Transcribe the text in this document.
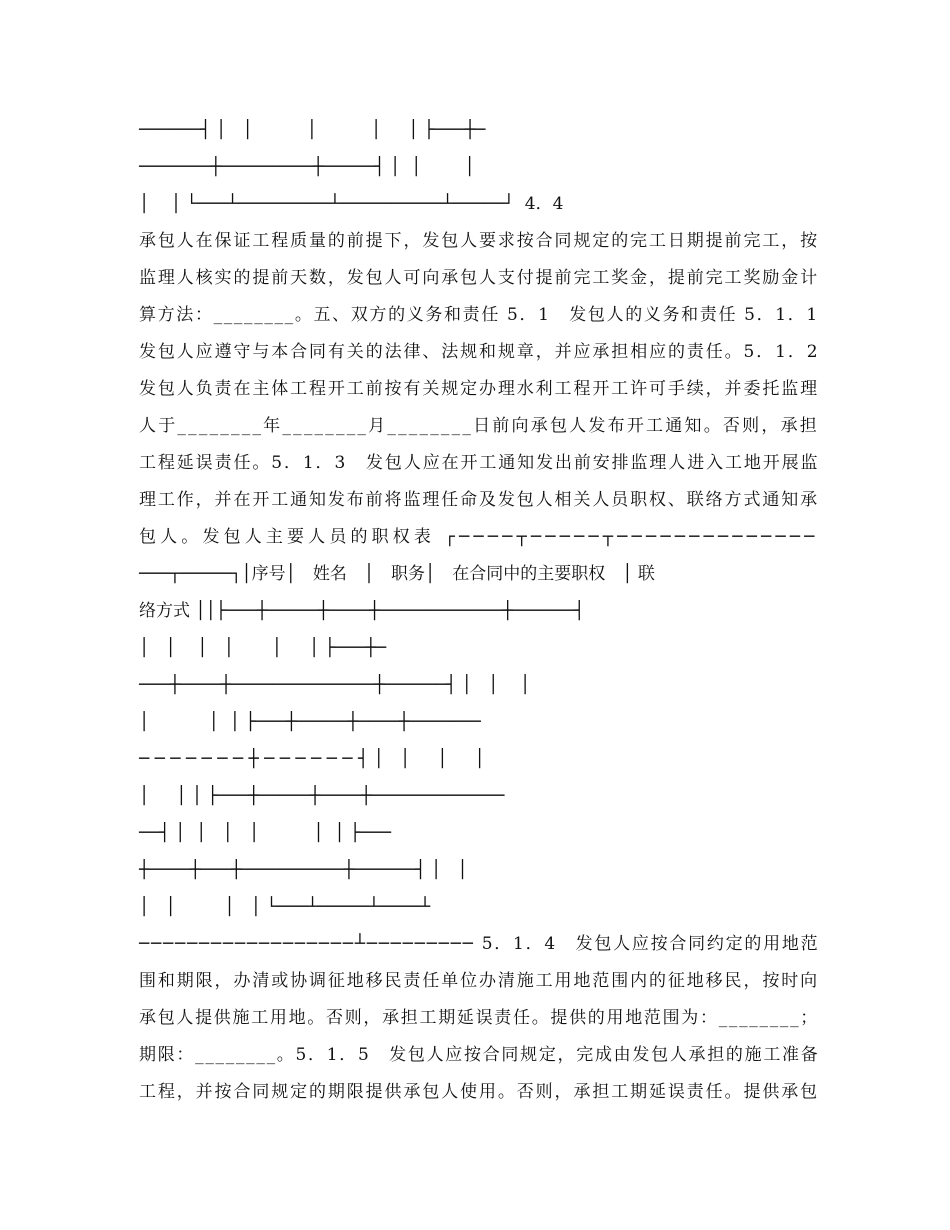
──────┤ │   │          │          │     │ ├───┼─
───────┼─────────┼─────┤ │  │        │
│    │ └───┴─────────┴──────────┴─────┘  4．4
承包人在保证工程质量的前提下，发包人要求按合同规定的完工日期提前完工，按
监理人核实的提前天数，发包人可向承包人支付提前完工奖金，提前完工奖励金计
算方法：________。五、双方的义务和责任 5．1　发包人的义务和责任 5．1．1
发包人应遵守与本合同有关的法律、法规和规章，并应承担相应的责任。5．1．2
发包人负责在主体工程开工前按有关规定办理水利工程开工许可手续，并委托监理
人于________年________月________日前向承包人发布开工通知。否则，承担
工程延误责任。5．1．3　发包人应在开工通知发出前安排监理人进入工地开展监
理工作，并在开工通知发布前将监理任命及发包人相关人员职权、联络方式通知承
包人。发包人主要人员的职权表 ┌────┬─────┬──────────────
───┬─────┐│序号│　姓名　│　职务│　在合同中的主要职权　│ 联
络方式 ││├───┼─────┼────┼────────────┼──────┤
│   │    │   │       │     │ ├───┼─
───┼────┼──────────────┼──────┤ │   │    │
│           │  │ ├───┼─────┼────┼───────
─ ─ ─ ─ ─ ─ ─ ┼ ─ ─ ─ ─ ─ ─ ┤ │   │     │     │
│     │ │ ├───┼─────┼────┼─────────────
──┤ │  │   │   │          │  │ ├───
┼────┼───┼──────────┼──────┤ │   │
│   │         │   │ └───┴─────┴────┴
──────────────────┴───────── 5．1．4　发包人应按合同约定的用地范
围和期限，办清或协调征地移民责任单位办清施工用地范围内的征地移民，按时向
承包人提供施工用地。否则，承担工期延误责任。提供的用地范围为：________；
期限：________。5．1．5　发包人应按合同规定，完成由发包人承担的施工准备
工程，并按合同规定的期限提供承包人使用。否则，承担工期延误责任。提供承包
